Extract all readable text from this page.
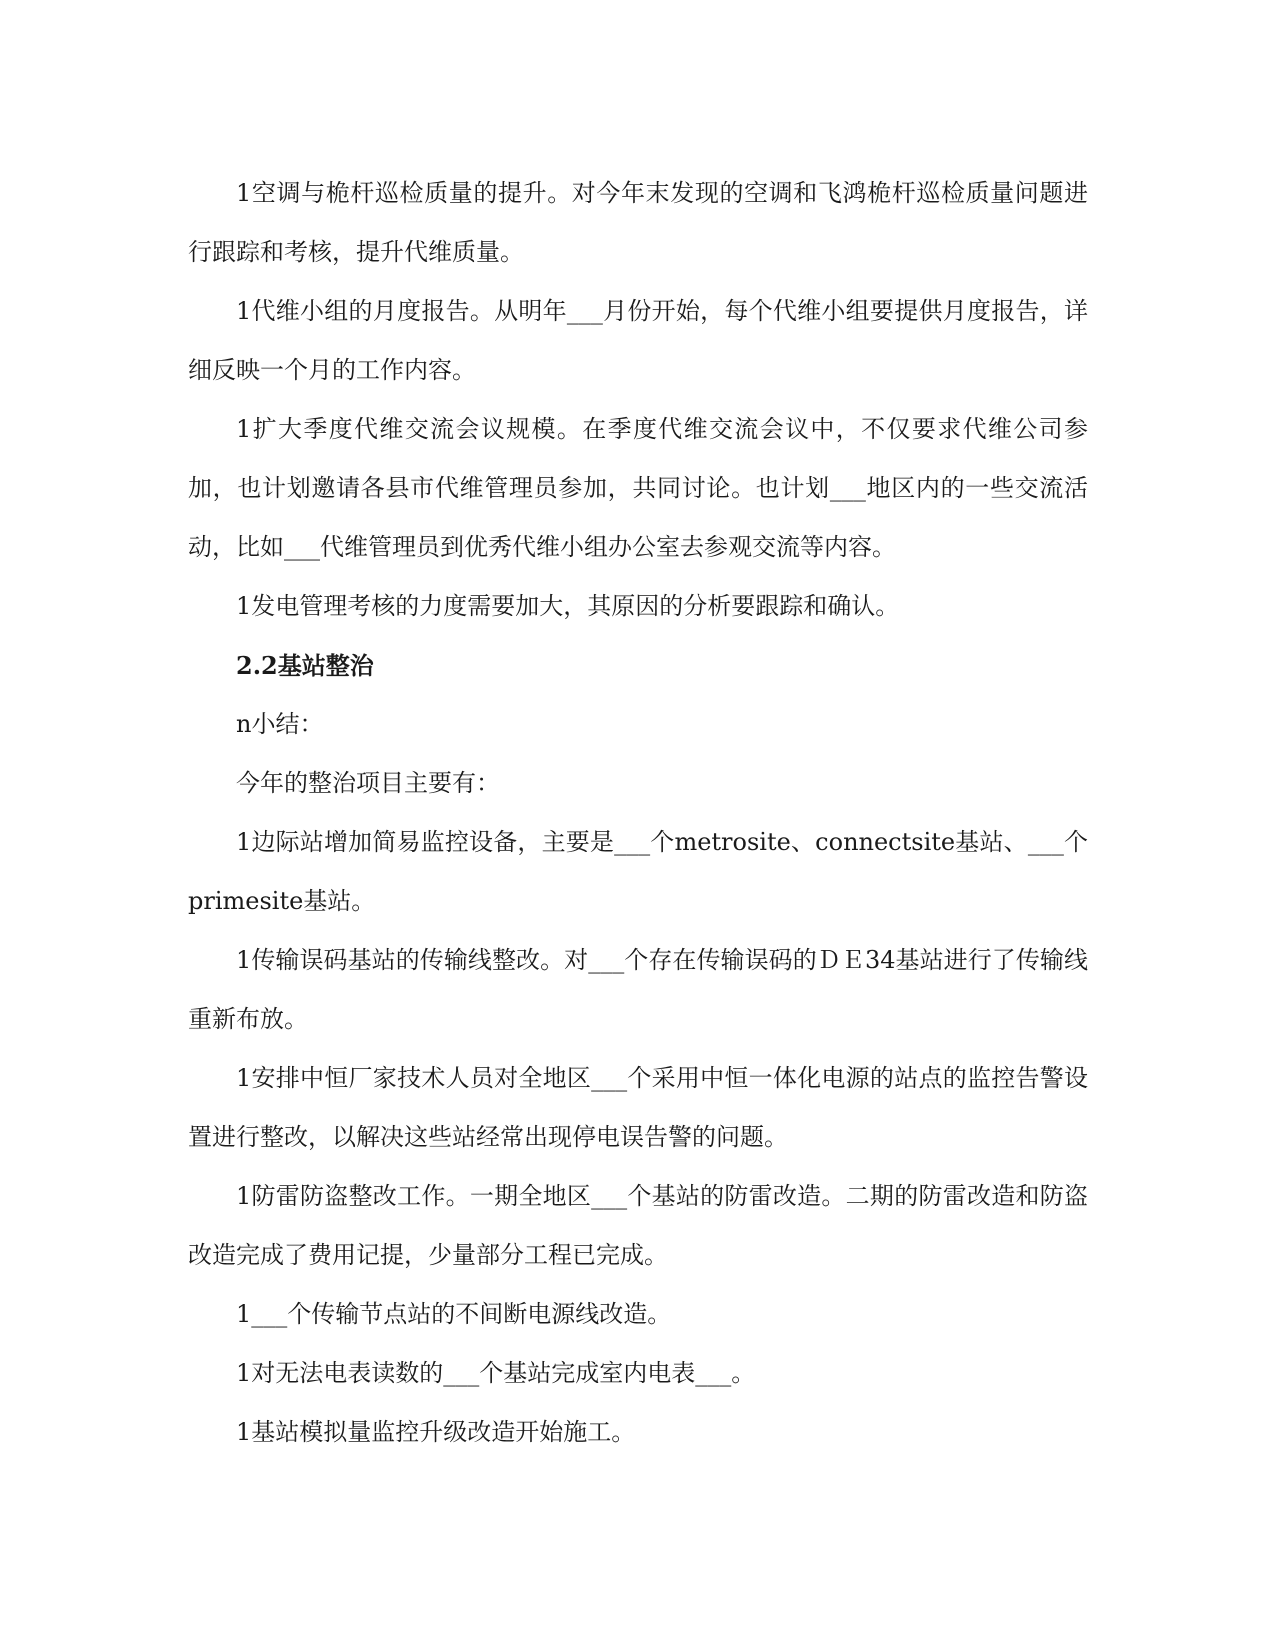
1空调与桅杆巡检质量的提升。对今年末发现的空调和飞鸿桅杆巡检质量问题进行跟踪和考核，提升代维质量。

1代维小组的月度报告。从明年___月份开始，每个代维小组要提供月度报告，详细反映一个月的工作内容。

1扩大季度代维交流会议规模。在季度代维交流会议中，不仅要求代维公司参加，也计划邀请各县市代维管理员参加，共同讨论。也计划___地区内的一些交流活动，比如___代维管理员到优秀代维小组办公室去参观交流等内容。

1发电管理考核的力度需要加大，其原因的分析要跟踪和确认。

2.2基站整治

n小结：

今年的整治项目主要有：

1边际站增加简易监控设备，主要是___个metrosite、connectsite基站、___个primesite基站。

1传输误码基站的传输线整改。对___个存在传输误码的ＤＥ34基站进行了传输线重新布放。

1安排中恒厂家技术人员对全地区___个采用中恒一体化电源的站点的监控告警设置进行整改，以解决这些站经常出现停电误告警的问题。

1防雷防盗整改工作。一期全地区___个基站的防雷改造。二期的防雷改造和防盗改造完成了费用记提，少量部分工程已完成。

1___个传输节点站的不间断电源线改造。

1对无法电表读数的___个基站完成室内电表___。

1基站模拟量监控升级改造开始施工。
